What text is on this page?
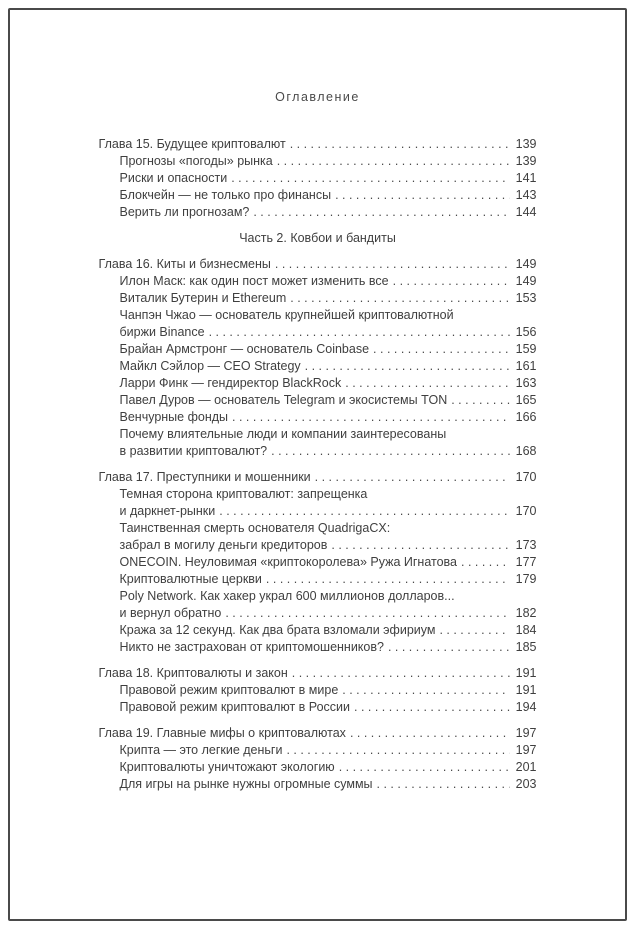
Оглавление
Глава 15. Будущее криптовалют . . .	139
Прогнозы «погоды» рынка . . .	139
Риски и опасности . . .	141
Блокчейн — не только про финансы . . .	143
Верить ли прогнозам? . . .	144
Часть 2. Ковбои и бандиты
Глава 16. Киты и бизнесмены . . .	149
Илон Маск: как один пост может изменить все . . .	149
Виталик Бутерин и Ethereum . . .	153
Чанпэн Чжао — основатель крупнейшей криптовалютной
биржи Binance . . .	156
Брайан Армстронг — основатель Coinbase . . .	159
Майкл Сэйлор — CEO Strategy . . .	161
Ларри Финк — гендиректор BlackRock . . .	163
Павел Дуров — основатель Telegram и экосистемы TON . . .	165
Венчурные фонды . . .	166
Почему влиятельные люди и компании заинтересованы
в развитии криптовалют? . . .	168
Глава 17. Преступники и мошенники . . .	170
Темная сторона криптовалют: запрещенка
и даркнет-рынки . . .	170
Таинственная смерть основателя QuadrigaCX:
забрал в могилу деньги кредиторов . . .	173
ONECOIN. Неуловимая «криптокоролева» Ружа Игнатова . . .	177
Криптовалютные церкви . . .	179
Poly Network. Как хакер украл 600 миллионов долларов...
и вернул обратно . . .	182
Кража за 12 секунд. Как два брата взломали эфириум . . .	184
Никто не застрахован от криптомошенников? . . .	185
Глава 18. Криптовалюты и закон . . .	191
Правовой режим криптовалют в мире . . .	191
Правовой режим криптовалют в России . . .	194
Глава 19. Главные мифы о криптовалютах . . .	197
Крипта — это легкие деньги . . .	197
Криптовалюты уничтожают экологию . . .	201
Для игры на рынке нужны огромные суммы . . .	203
